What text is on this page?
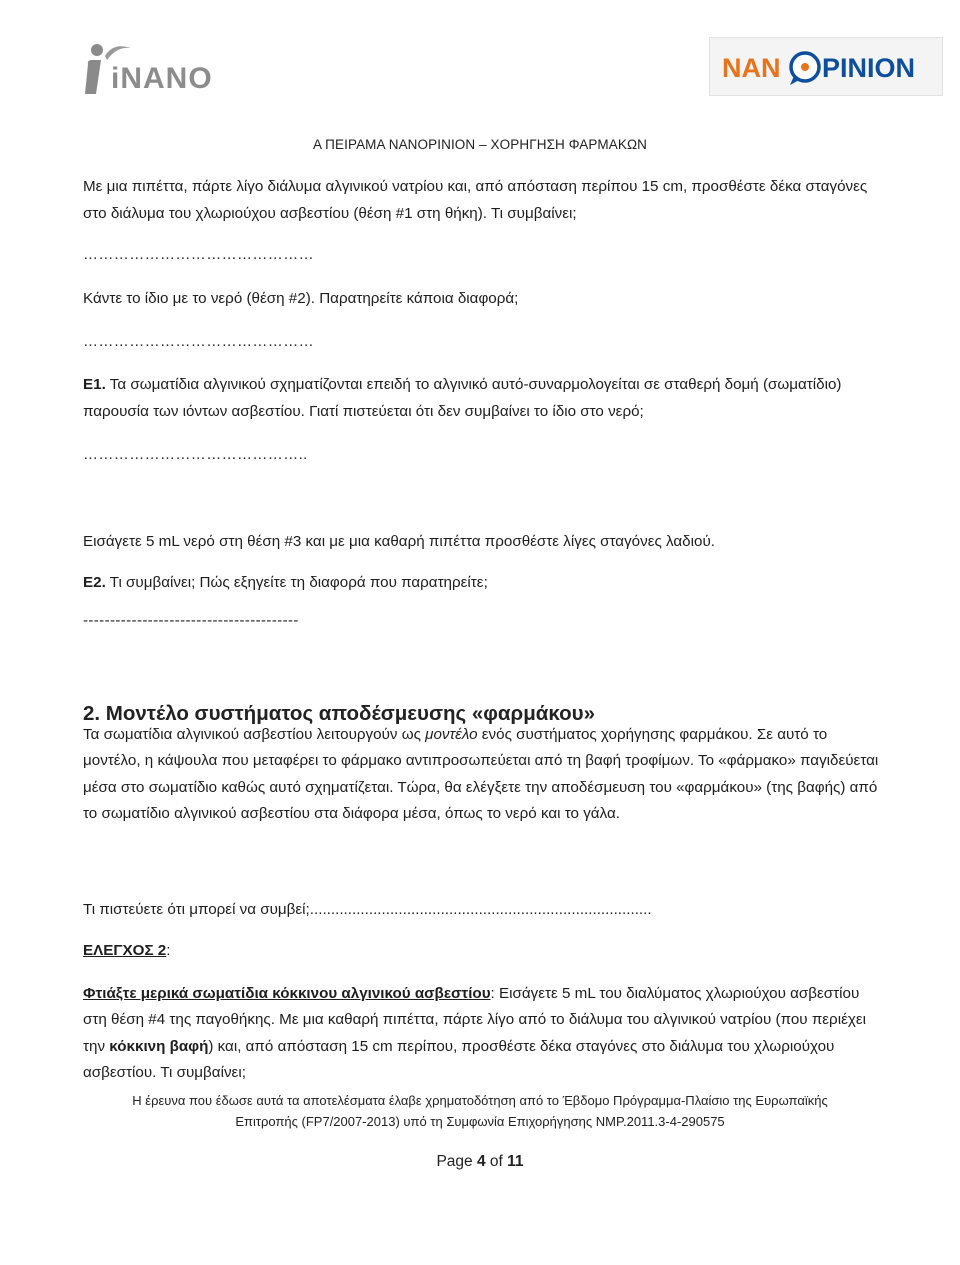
iNANO	NAN PINION
Α ΠΕΙΡΑΜΑ NANOPINION – ΧΟΡΗΓΗΣΗ ΦΑΡΜΑΚΩΝ
Με μια πιπέττα, πάρτε λίγο διάλυμα αλγινικού νατρίου και, από απόσταση περίπου 15 cm, προσθέστε δέκα σταγόνες στο διάλυμα του χλωριούχου ασβεστίου (θέση #1 στη θήκη). Τι συμβαίνει;
………………………………………
Κάντε το ίδιο με το νερό (θέση #2). Παρατηρείτε κάποια διαφορά;
………………………………………
Ε1. Τα σωματίδια αλγινικού σχηματίζονται επειδή το αλγινικό αυτό-συναρμολογείται σε σταθερή δομή (σωματίδιο) παρουσία των ιόντων ασβεστίου. Γιατί πιστεύεται ότι δεν συμβαίνει το ίδιο στο νερό;
……………………………………..
Εισάγετε 5 mL νερό στη θέση #3 και με μια καθαρή πιπέττα προσθέστε λίγες σταγόνες λαδιού.
Ε2. Τι συμβαίνει; Πώς εξηγείτε τη διαφορά που παρατηρείτε;
----------------------------------------
2. Μοντέλο συστήματος αποδέσμευσης «φαρμάκου»
Τα σωματίδια αλγινικού ασβεστίου λειτουργούν ως μοντέλο ενός συστήματος χορήγησης φαρμάκου. Σε αυτό το μοντέλο, η κάψουλα που μεταφέρει το φάρμακο αντιπροσωπεύεται από τη βαφή τροφίμων. Το «φάρμακο» παγιδεύεται μέσα στο σωματίδιο καθώς αυτό σχηματίζεται. Τώρα, θα ελέγξετε την αποδέσμευση του «φαρμάκου» (της βαφής) από το σωματίδιο αλγινικού ασβεστίου στα διάφορα μέσα, όπως το νερό και το γάλα.
Τι πιστεύετε ότι μπορεί να συμβεί;.................................................................................
ΕΛΕΓΧΟΣ 2:
Φτιάξτε μερικά σωματίδια κόκκινου αλγινικού ασβεστίου: Εισάγετε 5 mL του διαλύματος χλωριούχου ασβεστίου στη θέση #4 της παγοθήκης. Με μια καθαρή πιπέττα, πάρτε λίγο από το διάλυμα του αλγινικού νατρίου (που περιέχει την κόκκινη βαφή) και, από απόσταση 15 cm περίπου, προσθέστε δέκα σταγόνες στο διάλυμα του χλωριούχου ασβεστίου. Τι συμβαίνει;
Η έρευνα που έδωσε αυτά τα αποτελέσματα έλαβε χρηματοδότηση από το Έβδομο Πρόγραμμα-Πλαίσιο της Ευρωπαϊκής
Επιτροπής (FP7/2007-2013) υπό τη Συμφωνία Επιχορήγησης NMP.2011.3-4-290575
Page 4 of 11
